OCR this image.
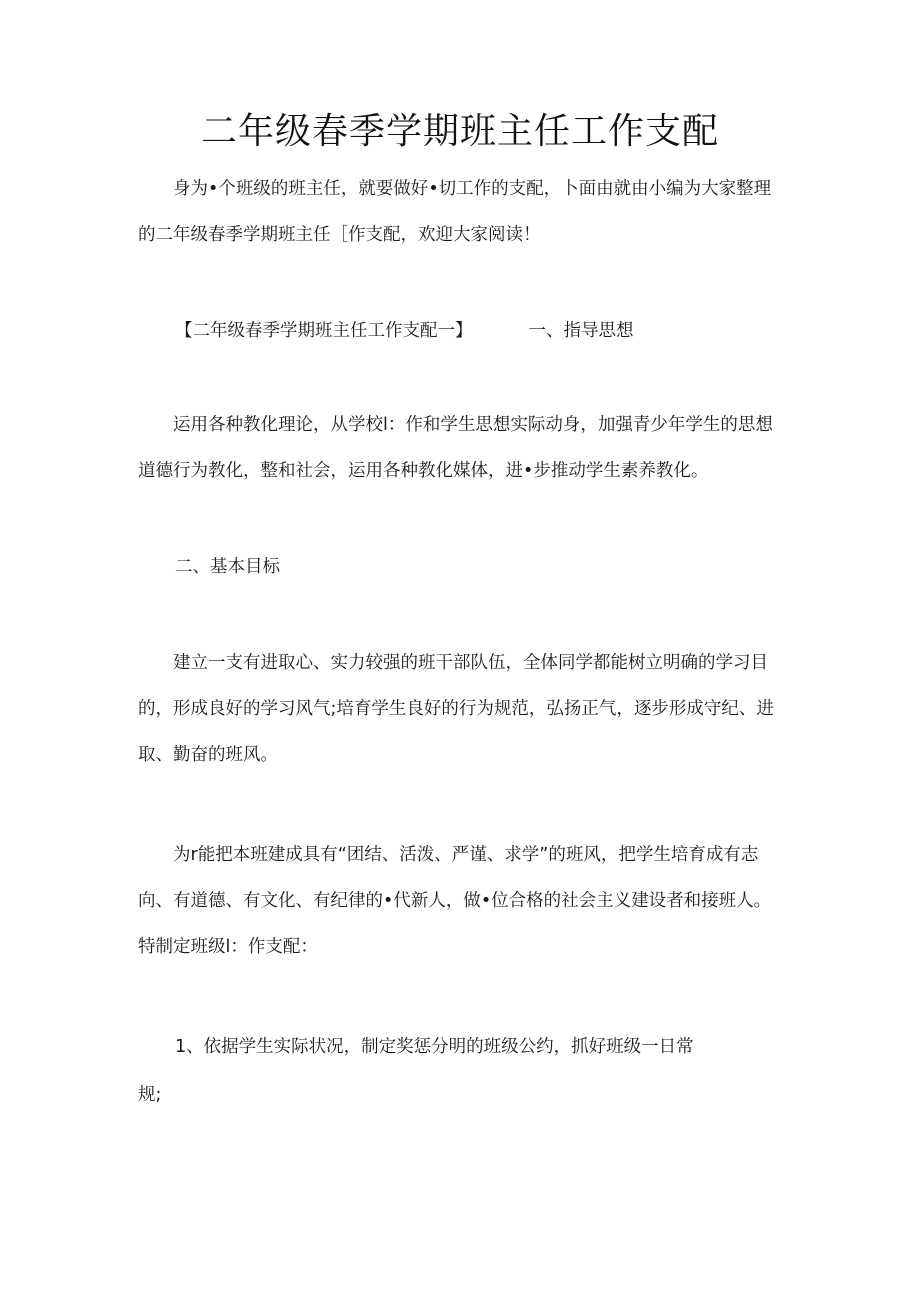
二年级春季学期班主任工作支配

身为•个班级的班主任，就要做好•切工作的支配，卜面由就由小编为大家整理的二年级春季学期班主任［作支配，欢迎大家阅读！

【二年级春季学期班主任工作支配一】	一、指导思想

运用各种教化理论，从学校l：作和学生思想实际动身，加强青少年学生的思想道德行为教化，整和社会，运用各种教化媒体，进•步推动学生素养教化。

二、基本目标

建立一支有进取心、实力较强的班干部队伍，全体同学都能树立明确的学习目的，形成良好的学习风气;培育学生良好的行为规范，弘扬正气，逐步形成守纪、进取、勤奋的班风。

为r能把本班建成具有“团结、活泼、严谨、求学”的班风，把学生培育成有志向、有道德、有文化、有纪律的•代新人，做•位合格的社会主义建设者和接班人。特制定班级l：作支配：

1、依据学生实际状况，制定奖惩分明的班级公约，抓好班级一日常
规;
